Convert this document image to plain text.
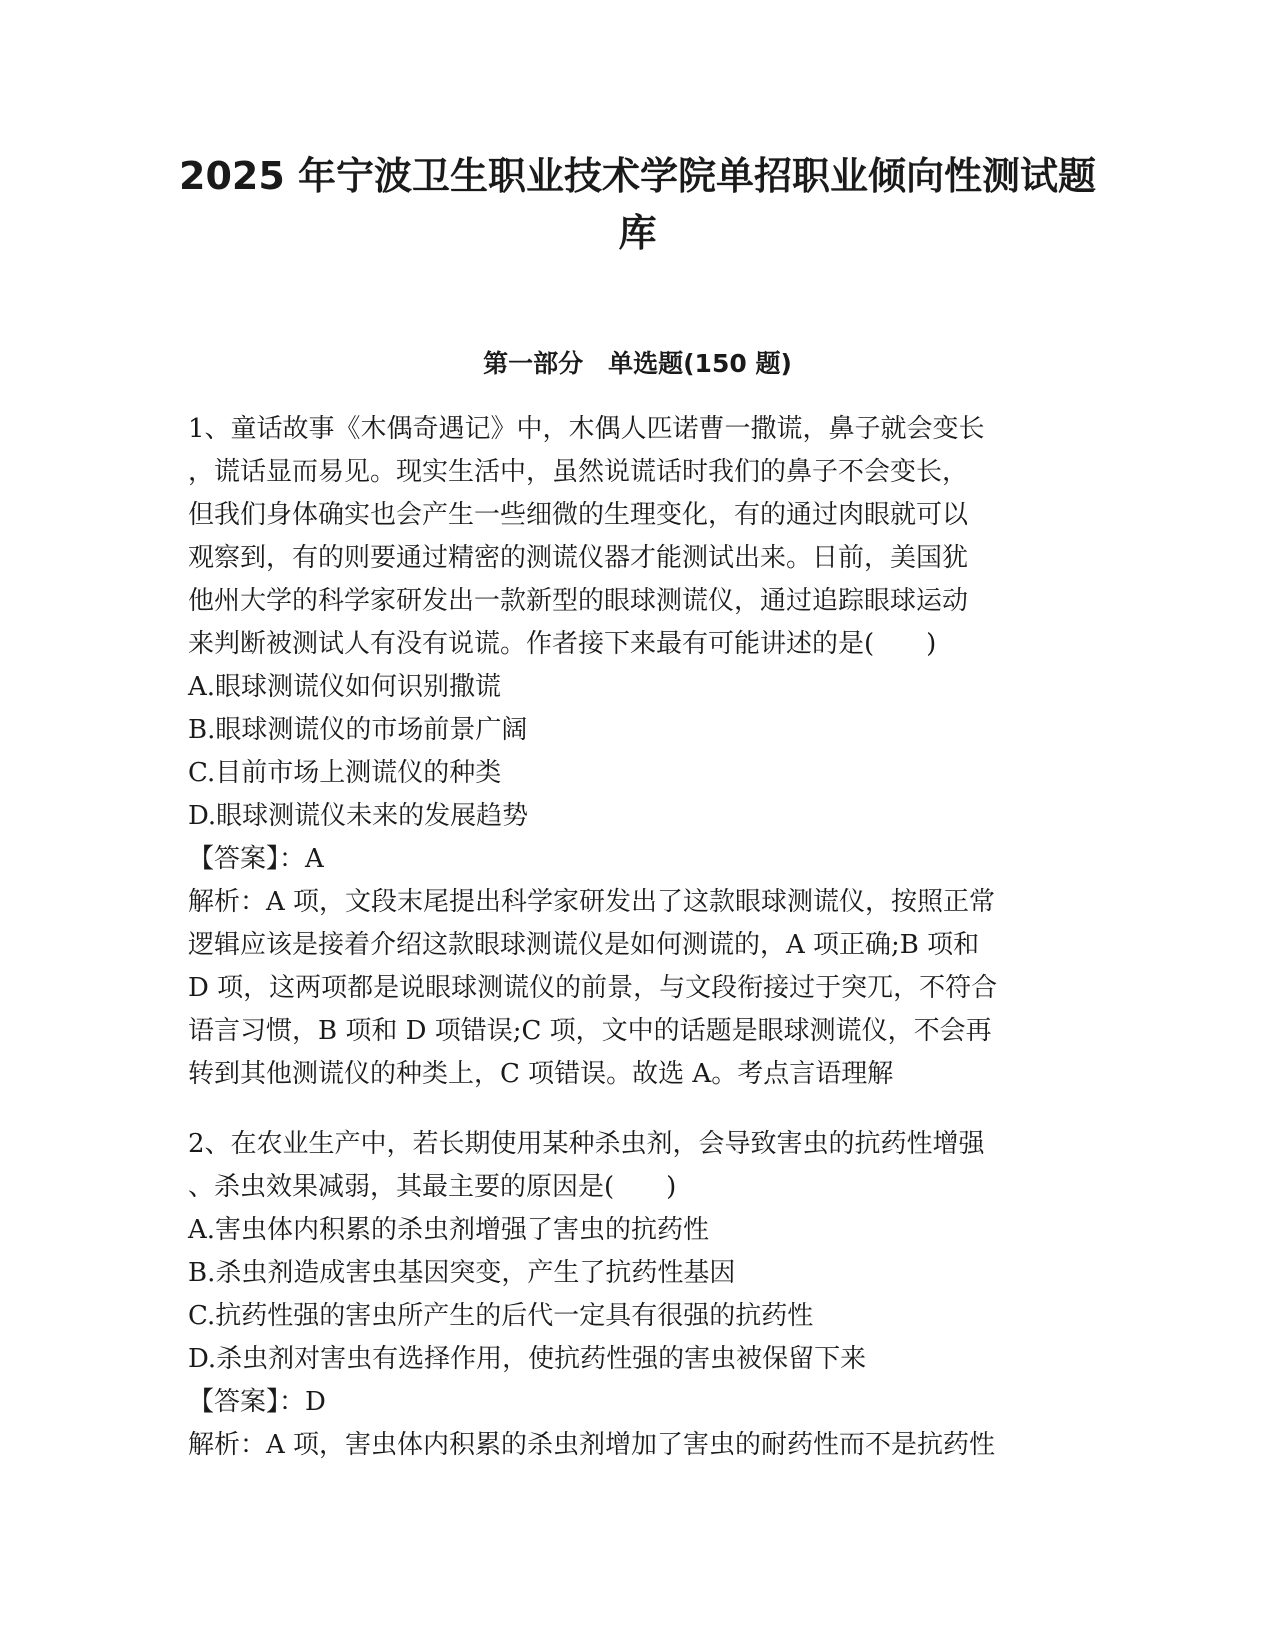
2025 年宁波卫生职业技术学院单招职业倾向性测试题
库
第一部分　单选题(150 题)
1、童话故事《木偶奇遇记》中，木偶人匹诺曹一撒谎，鼻子就会变长
，谎话显而易见。现实生活中，虽然说谎话时我们的鼻子不会变长，
但我们身体确实也会产生一些细微的生理变化，有的通过肉眼就可以
观察到，有的则要通过精密的测谎仪器才能测试出来。日前，美国犹
他州大学的科学家研发出一款新型的眼球测谎仪，通过追踪眼球运动
来判断被测试人有没有说谎。作者接下来最有可能讲述的是(　　)
A.眼球测谎仪如何识别撒谎
B.眼球测谎仪的市场前景广阔
C.目前市场上测谎仪的种类
D.眼球测谎仪未来的发展趋势
【答案】：A
解析：A 项，文段末尾提出科学家研发出了这款眼球测谎仪，按照正常
逻辑应该是接着介绍这款眼球测谎仪是如何测谎的，A 项正确;B 项和
D 项，这两项都是说眼球测谎仪的前景，与文段衔接过于突兀，不符合
语言习惯，B 项和 D 项错误;C 项，文中的话题是眼球测谎仪，不会再
转到其他测谎仪的种类上，C 项错误。故选 A。考点言语理解
2、在农业生产中，若长期使用某种杀虫剂，会导致害虫的抗药性增强
、杀虫效果减弱，其最主要的原因是(　　)
A.害虫体内积累的杀虫剂增强了害虫的抗药性
B.杀虫剂造成害虫基因突变，产生了抗药性基因
C.抗药性强的害虫所产生的后代一定具有很强的抗药性
D.杀虫剂对害虫有选择作用，使抗药性强的害虫被保留下来
【答案】：D
解析：A 项，害虫体内积累的杀虫剂增加了害虫的耐药性而不是抗药性
